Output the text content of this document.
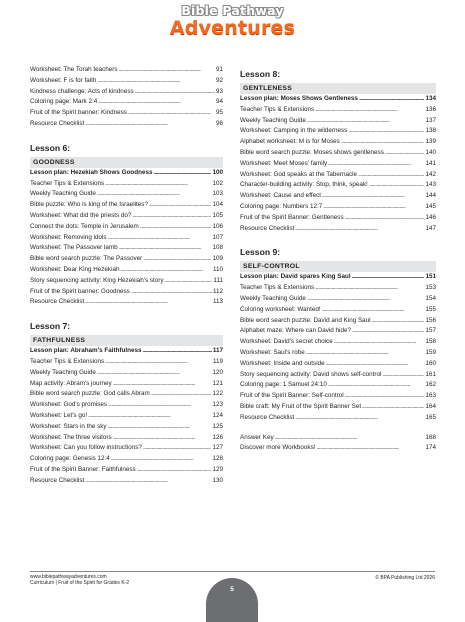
Bible Pathway
Adventures
Worksheet: The Torah teachers . . .	91
Worksheet: F is for faith . . .	92
Kindness challenge: Acts of kindness . . .	93
Coloring page: Mark 2:4 . . .	94
Fruit of the Spirit banner: Kindness . . .	95
Resource Checklist . . .	96
Lesson 6:
GOODNESS
Lesson plan: Hezekiah Shows Goodness . . .	100
Teacher Tips & Extensions . . .	102
Weekly Teaching Guide . . .	103
Bible puzzle: Who is king of the Israelites? . . .	104
Worksheet: What did the priests do? . . .	105
Connect the dots: Temple in Jerusalem . . .	106
Worksheet: Removing idols . . .	107
Worksheet: The Passover lamb . . .	108
Bible word search puzzle: The Passover . . .	109
Worksheet: Dear King Hezekiah . . .	110
Story sequencing activity: King Hezekiah's story . . .	111
Fruit of the Spirit banner: Goodness . . .	112
Resource Checklist . . .	113
Lesson 7:
FATHFULNESS
Lesson plan: Abraham's Faithfulness . . .	117
Teacher Tips & Extensions . . .	119
Weekly Teaching Guide . . .	120
Map activity: Abram's journey . . .	121
Bible word search puzzle: God calls Abram . . .	122
Worksheet: God's promises . . .	123
Worksheet: Let's go! . . .	124
Worksheet: Stars in the sky . . .	125
Worksheet: The three visitors . . .	126
Worksheet: Can you follow instructions? . . .	127
Coloring page: Genesis 12:4 . . .	128
Fruit of the Spirit Banner: Faithfulness . . .	129
Resource Checklist . . .	130
Lesson 8:
GENTLENESS
Lesson plan: Moses Shows Gentleness . . .	134
Teacher Tips & Extensions . . .	136
Weekly Teaching Guide . . .	137
Worksheet: Camping in the wilderness . . .	138
Alphabet worksheet: M is for Moses . . .	139
Bible word search puzzle: Moses shows gentleness . . .	140
Worksheet: Meet Moses' family . . .	141
Worksheet: God speaks at the Tabernacle . . .	142
Character-building activity: Stop, think, speak! . . .	143
Worksheet: Cause and effect . . .	144
Coloring page: Numbers 12:7 . . .	145
Fruit of the Spirit Banner: Gentleness . . .	146
Resource Checklist . . .	147
Lesson 9:
SELF-CONTROL
Lesson plan: David spares King Saul . . .	151
Teacher Tips & Extensions . . .	153
Weekly Teaching Guide . . .	154
Coloring worksheet: Wanted! . . .	155
Bible word search puzzle: David and King Saul . . .	156
Alphabet maze: Where can David hide? . . .	157
Worksheet: David's secret choice . . .	158
Worksheet: Saul's robe . . .	159
Worksheet: Inside and outside . . .	160
Story sequencing activity: David shows self-control . . .	161
Coloring page: 1 Samuel 24:10 . . .	162
Fruit of the Spirit Banner: Self-control . . .	163
Bible craft: My Fruit of the Spirit Banner Set . . .	164
Resource Checklist . . .	165
Answer Key . . .	168
Discover more Workbooks! . . .	174
www.biblepathwayadventures.com
Curriculum | Fruit of the Spirit for Grades K-2
© BPA Publishing Ltd 2026
5
